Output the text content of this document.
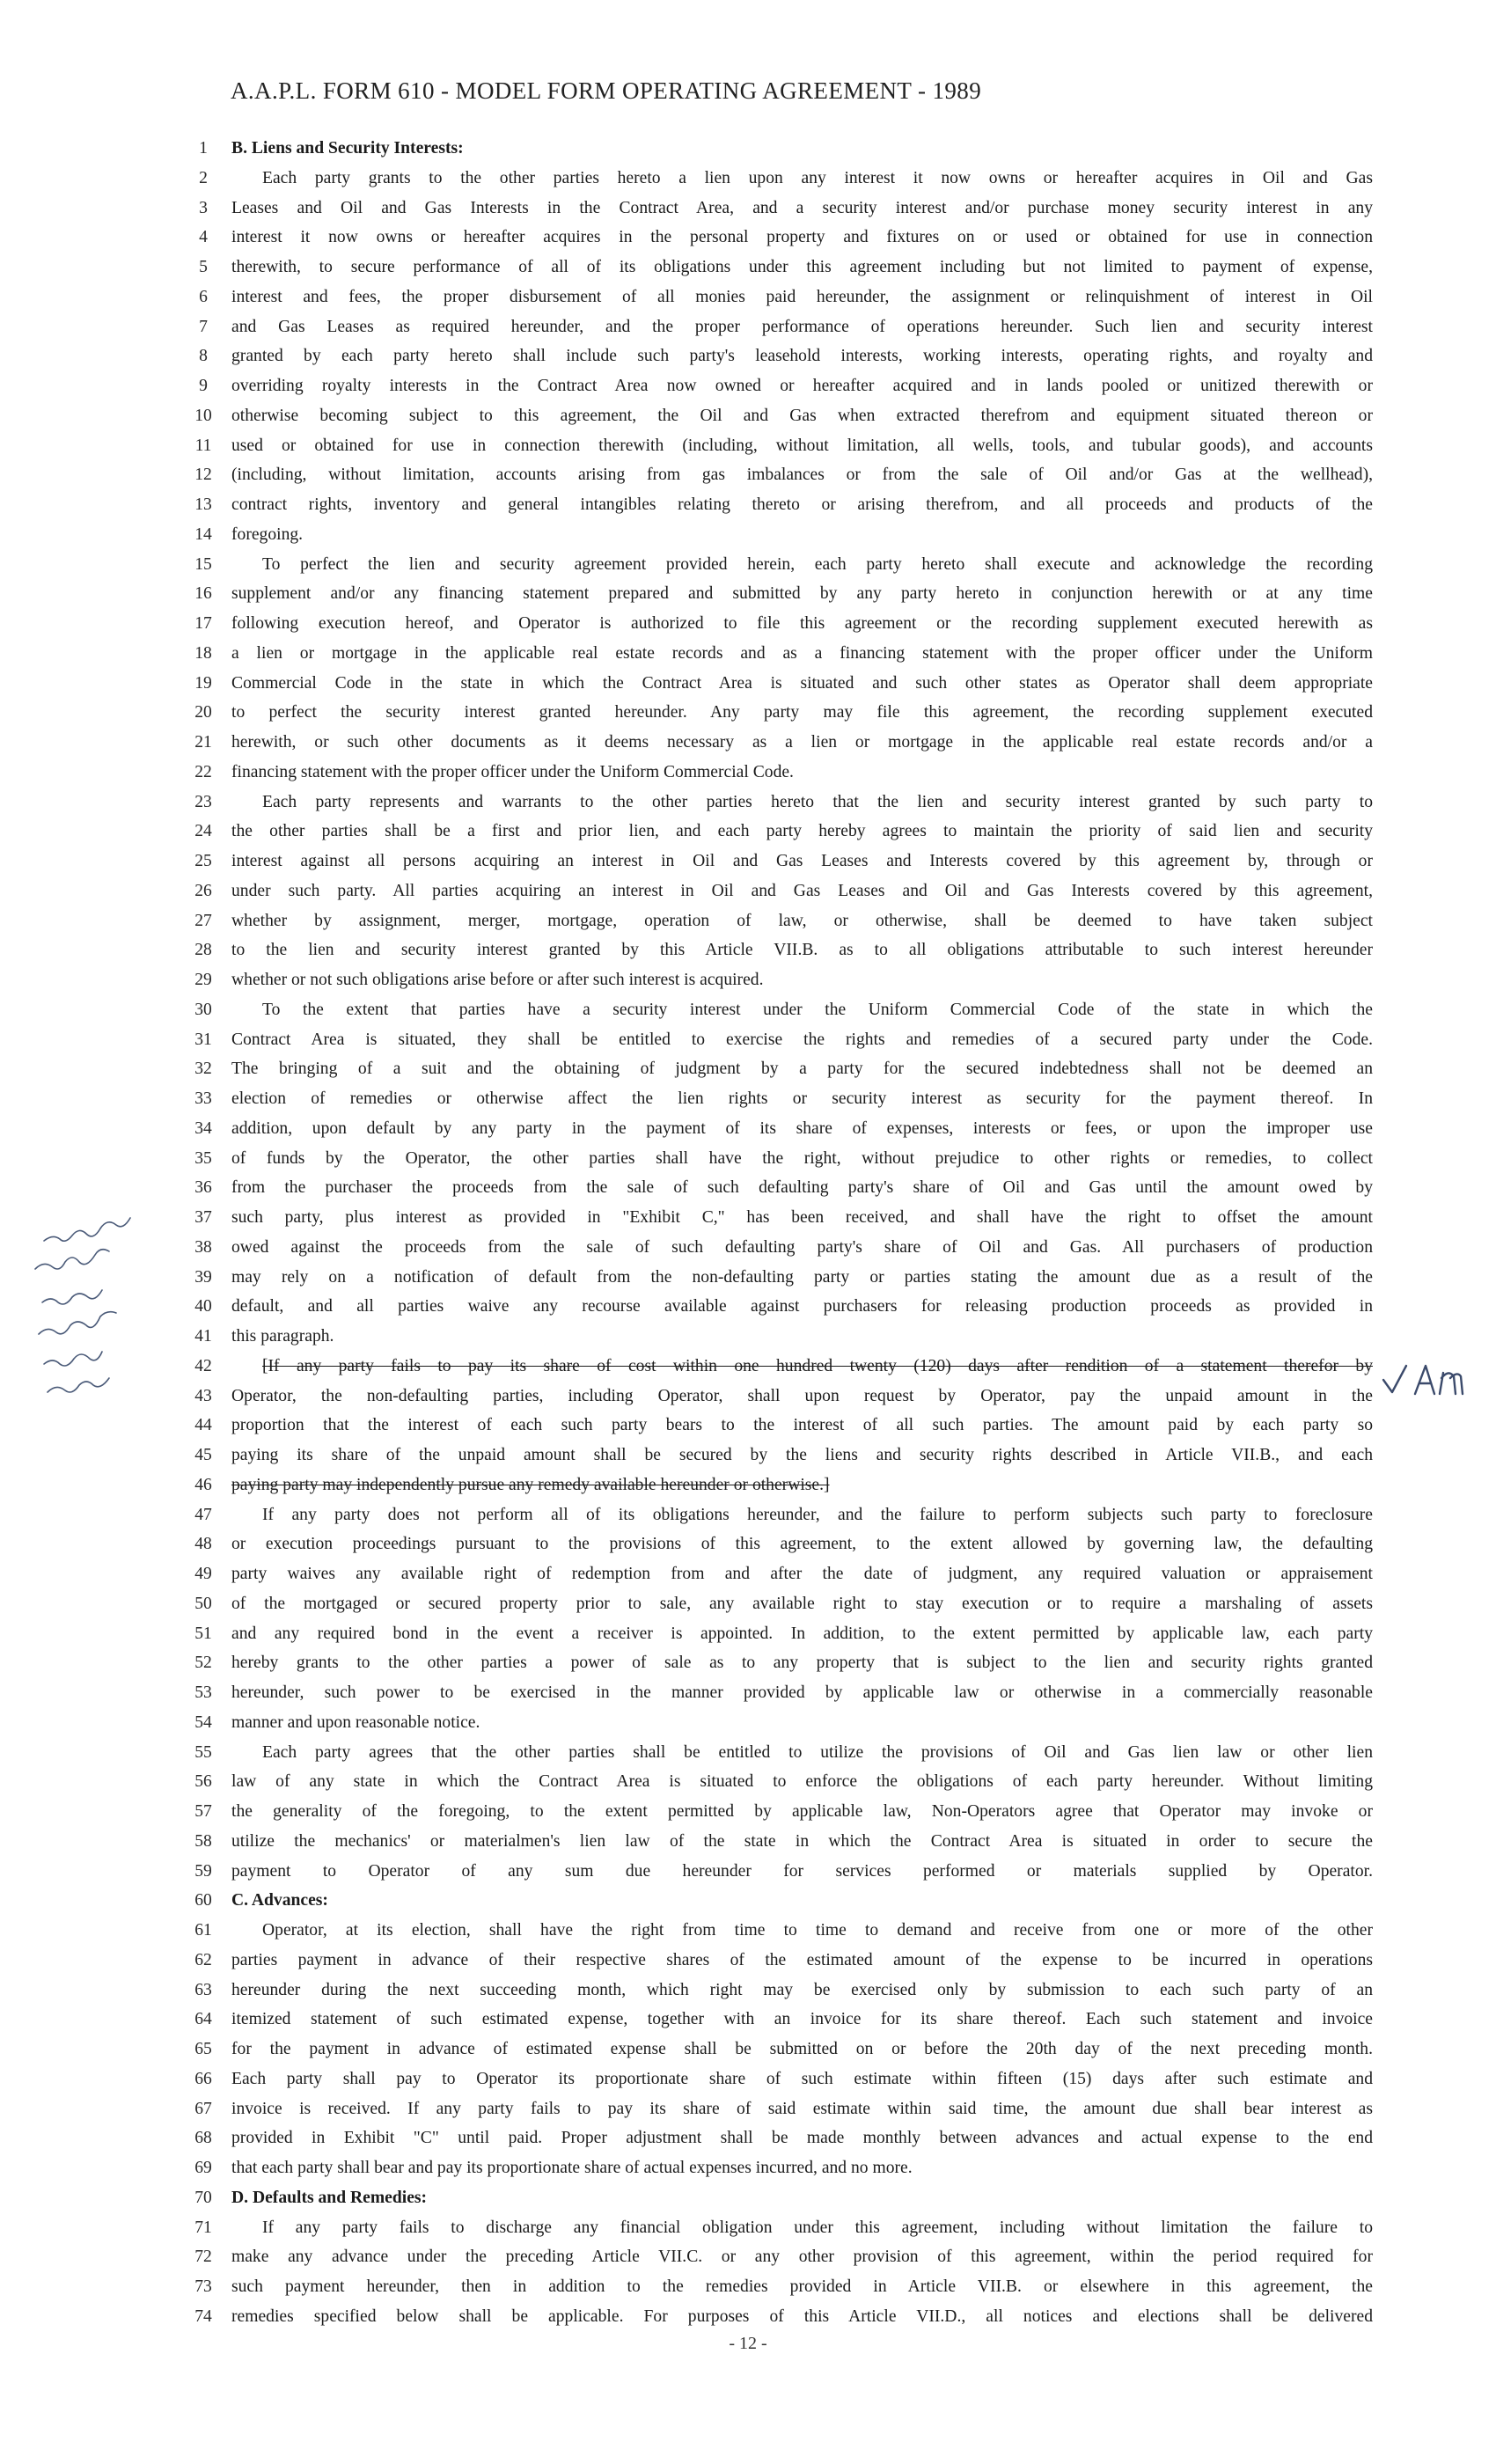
A.A.P.L. FORM 610 - MODEL FORM OPERATING AGREEMENT - 1989
1	B. Liens and Security Interests:
2	Each party grants to the other parties hereto a lien upon any interest it now owns or hereafter acquires in Oil and Gas
3	Leases and Oil and Gas Interests in the Contract Area, and a security interest and/or purchase money security interest in any
4	interest it now owns or hereafter acquires in the personal property and fixtures on or used or obtained for use in connection
5	therewith, to secure performance of all of its obligations under this agreement including but not limited to payment of expense,
6	interest and fees, the proper disbursement of all monies paid hereunder, the assignment or relinquishment of interest in Oil
7	and Gas Leases as required hereunder, and the proper performance of operations hereunder. Such lien and security interest
8	granted by each party hereto shall include such party's leasehold interests, working interests, operating rights, and royalty and
9	overriding royalty interests in the Contract Area now owned or hereafter acquired and in lands pooled or unitized therewith or
10	otherwise becoming subject to this agreement, the Oil and Gas when extracted therefrom and equipment situated thereon or
11	used or obtained for use in connection therewith (including, without limitation, all wells, tools, and tubular goods), and accounts
12	(including, without limitation, accounts arising from gas imbalances or from the sale of Oil and/or Gas at the wellhead),
13	contract rights, inventory and general intangibles relating thereto or arising therefrom, and all proceeds and products of the
14	foregoing.
15	To perfect the lien and security agreement provided herein, each party hereto shall execute and acknowledge the recording
16	supplement and/or any financing statement prepared and submitted by any party hereto in conjunction herewith or at any time
17	following execution hereof, and Operator is authorized to file this agreement or the recording supplement executed herewith as
18	a lien or mortgage in the applicable real estate records and as a financing statement with the proper officer under the Uniform
19	Commercial Code in the state in which the Contract Area is situated and such other states as Operator shall deem appropriate
20	to perfect the security interest granted hereunder. Any party may file this agreement, the recording supplement executed
21	herewith, or such other documents as it deems necessary as a lien or mortgage in the applicable real estate records and/or a
22	financing statement with the proper officer under the Uniform Commercial Code.
23	Each party represents and warrants to the other parties hereto that the lien and security interest granted by such party to
24	the other parties shall be a first and prior lien, and each party hereby agrees to maintain the priority of said lien and security
25	interest against all persons acquiring an interest in Oil and Gas Leases and Interests covered by this agreement by, through or
26	under such party. All parties acquiring an interest in Oil and Gas Leases and Oil and Gas Interests covered by this agreement,
27	whether by assignment, merger, mortgage, operation of law, or otherwise, shall be deemed to have taken subject
28	to the lien and security interest granted by this Article VII.B. as to all obligations attributable to such interest hereunder
29	whether or not such obligations arise before or after such interest is acquired.
30	To the extent that parties have a security interest under the Uniform Commercial Code of the state in which the
31	Contract Area is situated, they shall be entitled to exercise the rights and remedies of a secured party under the Code.
32	The bringing of a suit and the obtaining of judgment by a party for the secured indebtedness shall not be deemed an
33	election of remedies or otherwise affect the lien rights or security interest as security for the payment thereof. In
34	addition, upon default by any party in the payment of its share of expenses, interests or fees, or upon the improper use
35	of funds by the Operator, the other parties shall have the right, without prejudice to other rights or remedies, to collect
36	from the purchaser the proceeds from the sale of such defaulting party's share of Oil and Gas until the amount owed by
37	such party, plus interest as provided in "Exhibit C," has been received, and shall have the right to offset the amount
38	owed against the proceeds from the sale of such defaulting party's share of Oil and Gas. All purchasers of production
39	may rely on a notification of default from the non-defaulting party or parties stating the amount due as a result of the
40	default, and all parties waive any recourse available against purchasers for releasing production proceeds as provided in
41	this paragraph.
42	[If any party fails to pay its share of cost within one hundred twenty (120) days after rendition of a statement therefor by
43	Operator, the non-defaulting parties, including Operator, shall upon request by Operator, pay the unpaid amount in the
44	proportion that the interest of each such party bears to the interest of all such parties. The amount paid by each party so
45	paying its share of the unpaid amount shall be secured by the liens and security rights described in Article VII.B., and each
46	paying party may independently pursue any remedy available hereunder or otherwise.]
47	If any party does not perform all of its obligations hereunder, and the failure to perform subjects such party to foreclosure
48	or execution proceedings pursuant to the provisions of this agreement, to the extent allowed by governing law, the defaulting
49	party waives any available right of redemption from and after the date of judgment, any required valuation or appraisement
50	of the mortgaged or secured property prior to sale, any available right to stay execution or to require a marshaling of assets
51	and any required bond in the event a receiver is appointed. In addition, to the extent permitted by applicable law, each party
52	hereby grants to the other parties a power of sale as to any property that is subject to the lien and security rights granted
53	hereunder, such power to be exercised in the manner provided by applicable law or otherwise in a commercially reasonable
54	manner and upon reasonable notice.
55	Each party agrees that the other parties shall be entitled to utilize the provisions of Oil and Gas lien law or other lien
56	law of any state in which the Contract Area is situated to enforce the obligations of each party hereunder. Without limiting
57	the generality of the foregoing, to the extent permitted by applicable law, Non-Operators agree that Operator may invoke or
58	utilize the mechanics' or materialmen's lien law of the state in which the Contract Area is situated in order to secure the
59	payment to Operator of any sum due hereunder for services performed or materials supplied by Operator.
60	C. Advances:
61	Operator, at its election, shall have the right from time to time to demand and receive from one or more of the other
62	parties payment in advance of their respective shares of the estimated amount of the expense to be incurred in operations
63	hereunder during the next succeeding month, which right may be exercised only by submission to each such party of an
64	itemized statement of such estimated expense, together with an invoice for its share thereof. Each such statement and invoice
65	for the payment in advance of estimated expense shall be submitted on or before the 20th day of the next preceding month.
66	Each party shall pay to Operator its proportionate share of such estimate within fifteen (15) days after such estimate and
67	invoice is received. If any party fails to pay its share of said estimate within said time, the amount due shall bear interest as
68	provided in Exhibit "C" until paid. Proper adjustment shall be made monthly between advances and actual expense to the end
69	that each party shall bear and pay its proportionate share of actual expenses incurred, and no more.
70	D. Defaults and Remedies:
71	If any party fails to discharge any financial obligation under this agreement, including without limitation the failure to
72	make any advance under the preceding Article VII.C. or any other provision of this agreement, within the period required for
73	such payment hereunder, then in addition to the remedies provided in Article VII.B. or elsewhere in this agreement, the
74	remedies specified below shall be applicable. For purposes of this Article VII.D., all notices and elections shall be delivered
- 12 -
